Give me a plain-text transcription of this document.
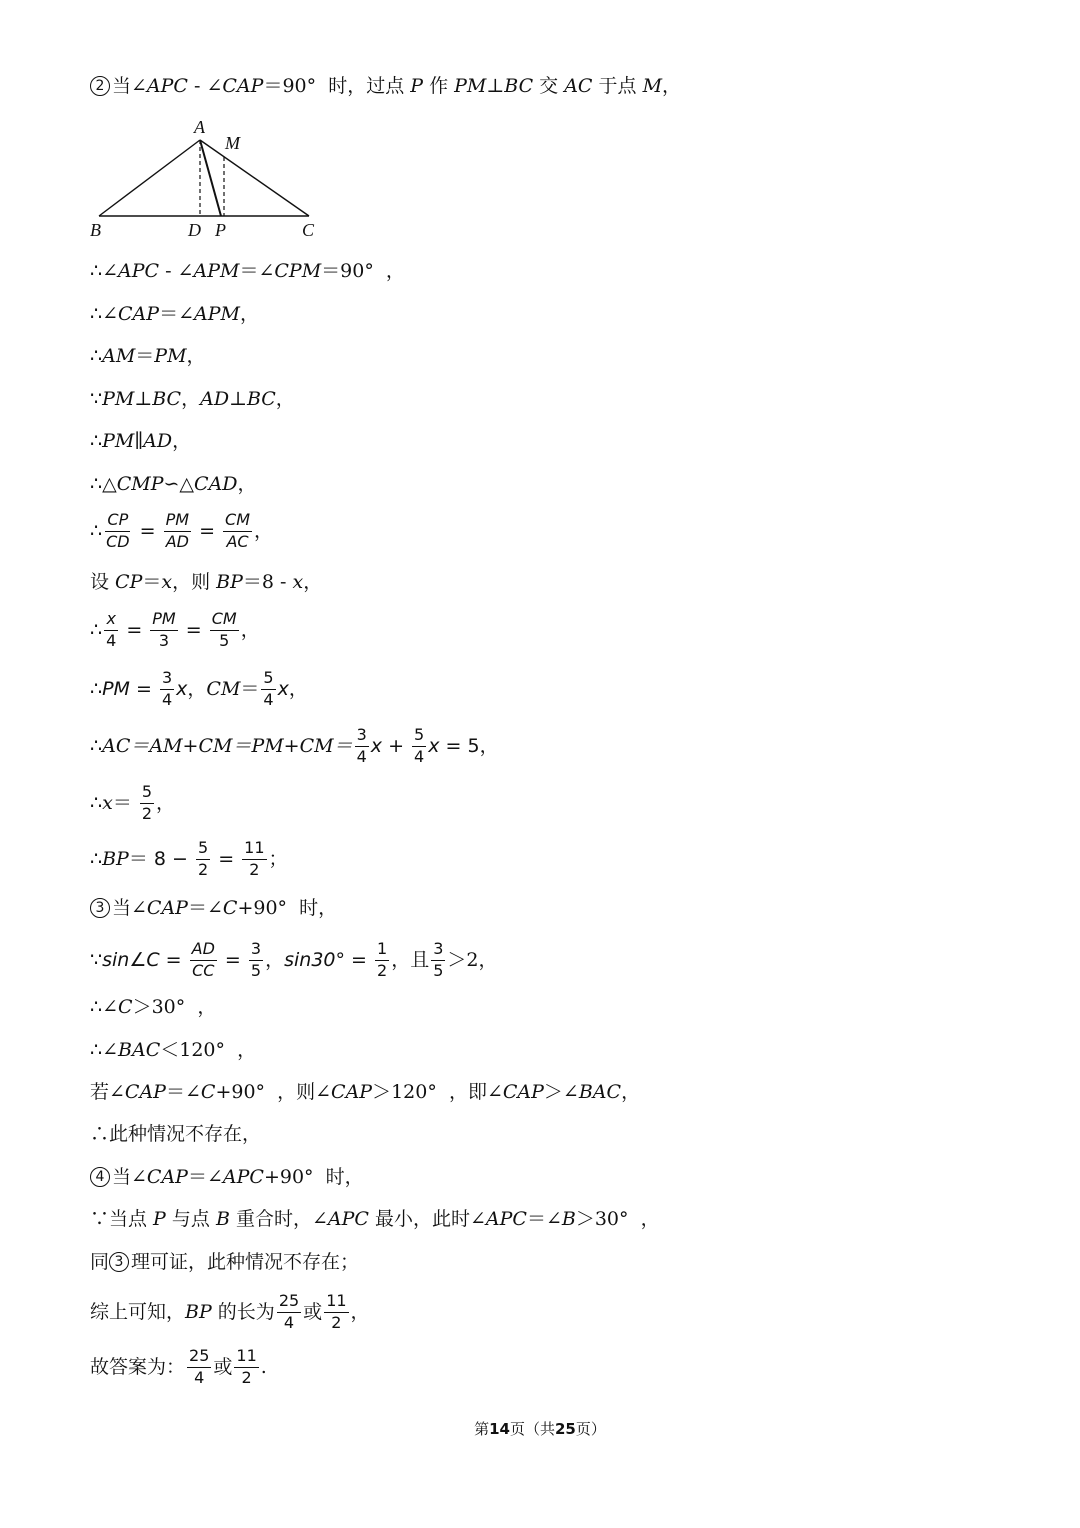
2 当∠ APC - ∠ CAP ＝90°  时，过点 P 作 PM ⊥ BC 交 AC 于点 M ，
A
M
B	D P	C
∴∠ APC - ∠ APM ＝∠ CPM ＝90°  ，
∴∠ CAP ＝∠ APM ，
∴ AM ＝ PM ，
∵ PM ⊥ BC ， AD ⊥ BC ，
∴ PM ∥ AD ，
∴△ CMP ∽ △ CAD ，
∴ $\frac{CP}{CD} = \frac{PM}{AD} = \frac{CM}{AC}$ ，
设 CP ＝ x ，则 BP ＝8 - x ，
∴ $\frac{x}{4} = \frac{PM}{3} = \frac{CM}{5}$ ，
∴ PM = $\frac{3}{4}$ x ， CM ＝ $\frac{5}{4}$ x ，
∴ $AC=AM+CM=PM+CM= \frac{3}{4}$ $x + \frac{5}{4}$ x = 5 ，
∴ $x = \frac{5}{2}$ ，
∴ BP ＝ $8 - \frac{5}{2} = \frac{11}{2}$ ；
3 当∠ CAP ＝∠ C +90°  时，
∵ sin∠C = $\frac{AD}{CC} = \frac{3}{5}$ ， $\sin 30^\circ = \frac{1}{2}$ ，且 $\frac{3}{5} >2$，
∴∠ C ＞30°  ，
∴∠ BAC ＜120°  ，
若∠ CAP ＝∠ C +90°  ，则∠ CAP ＞120°  ，即∠ CAP ＞∠ BAC ，
∴此种情况不存在，
4 当∠ CAP ＝∠ APC +90°  时，
∵当点 P 与点 B 重合时，∠ APC 最小，此时∠ APC ＝∠ B ＞30°  ，
同 3 理可证，此种情况不存在；
综上可知， BP 的长为 $\frac{25}{4}$ 或 $\frac{11}{2}$ ，
故答案为： $\frac{25}{4}$ 或 $\frac{11}{2}$ .
第14页（共25页）
